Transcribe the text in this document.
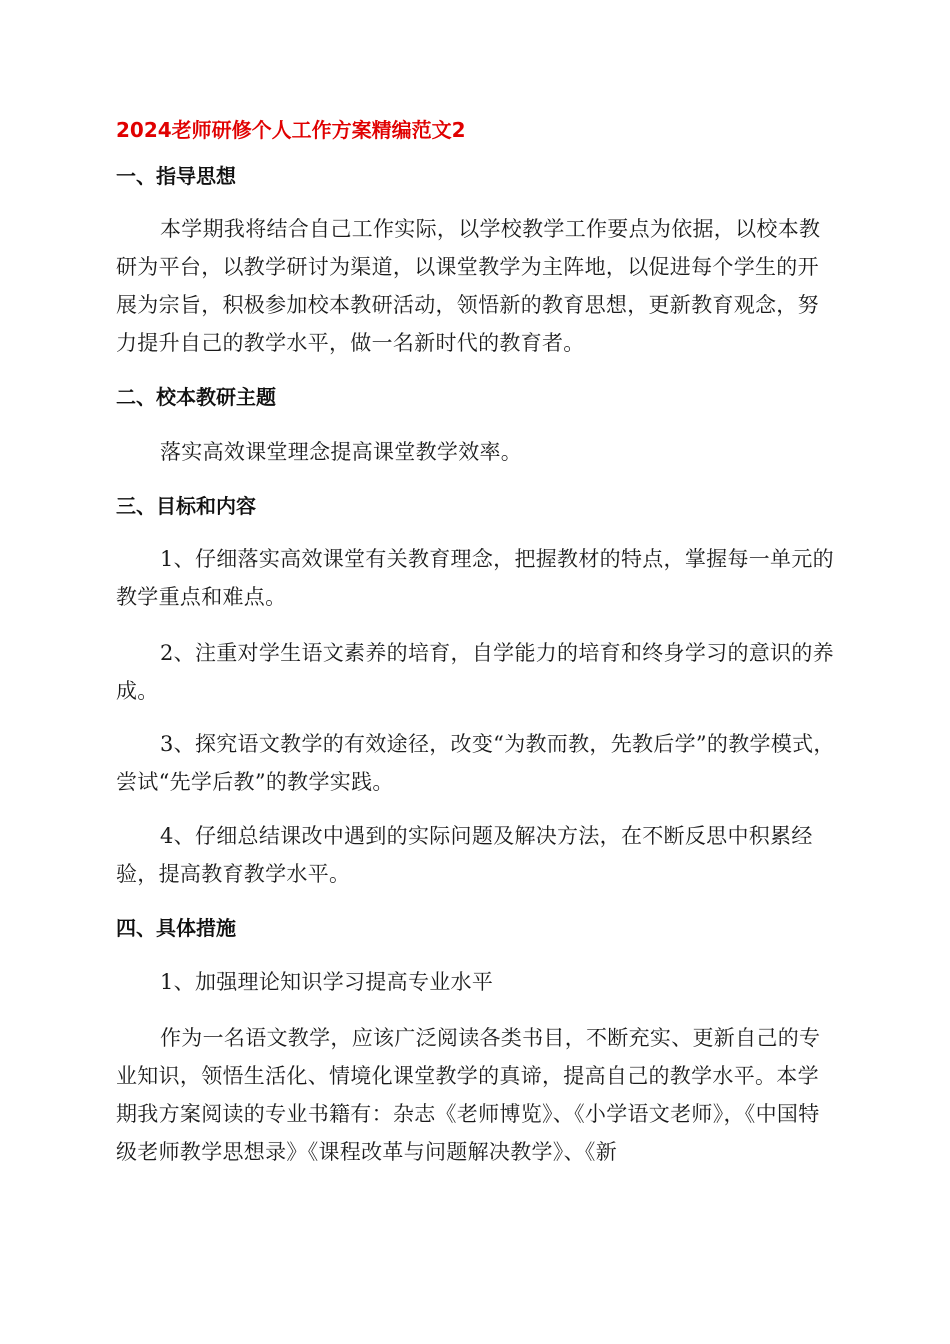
2024老师研修个人工作方案精编范文2
一、指导思想
本学期我将结合自己工作实际，以学校教学工作要点为依据，以校本教研为平台，以教学研讨为渠道，以课堂教学为主阵地，以促进每个学生的开展为宗旨，积极参加校本教研活动，领悟新的教育思想，更新教育观念，努力提升自己的教学水平，做一名新时代的教育者。
二、校本教研主题
落实高效课堂理念提高课堂教学效率。
三、目标和内容
1、仔细落实高效课堂有关教育理念，把握教材的特点，掌握每一单元的教学重点和难点。
2、注重对学生语文素养的培育，自学能力的培育和终身学习的意识的养成。
3、探究语文教学的有效途径，改变“为教而教，先教后学”的教学模式，尝试“先学后教”的教学实践。
4、仔细总结课改中遇到的实际问题及解决方法，在不断反思中积累经验，提高教育教学水平。
四、具体措施
1、加强理论知识学习提高专业水平
作为一名语文教学，应该广泛阅读各类书目，不断充实、更新自己的专业知识，领悟生活化、情境化课堂教学的真谛，提高自己的教学水平。本学期我方案阅读的专业书籍有：杂志《老师博览》、《小学语文老师》，《中国特级老师教学思想录》《课程改革与问题解决教学》、《新
